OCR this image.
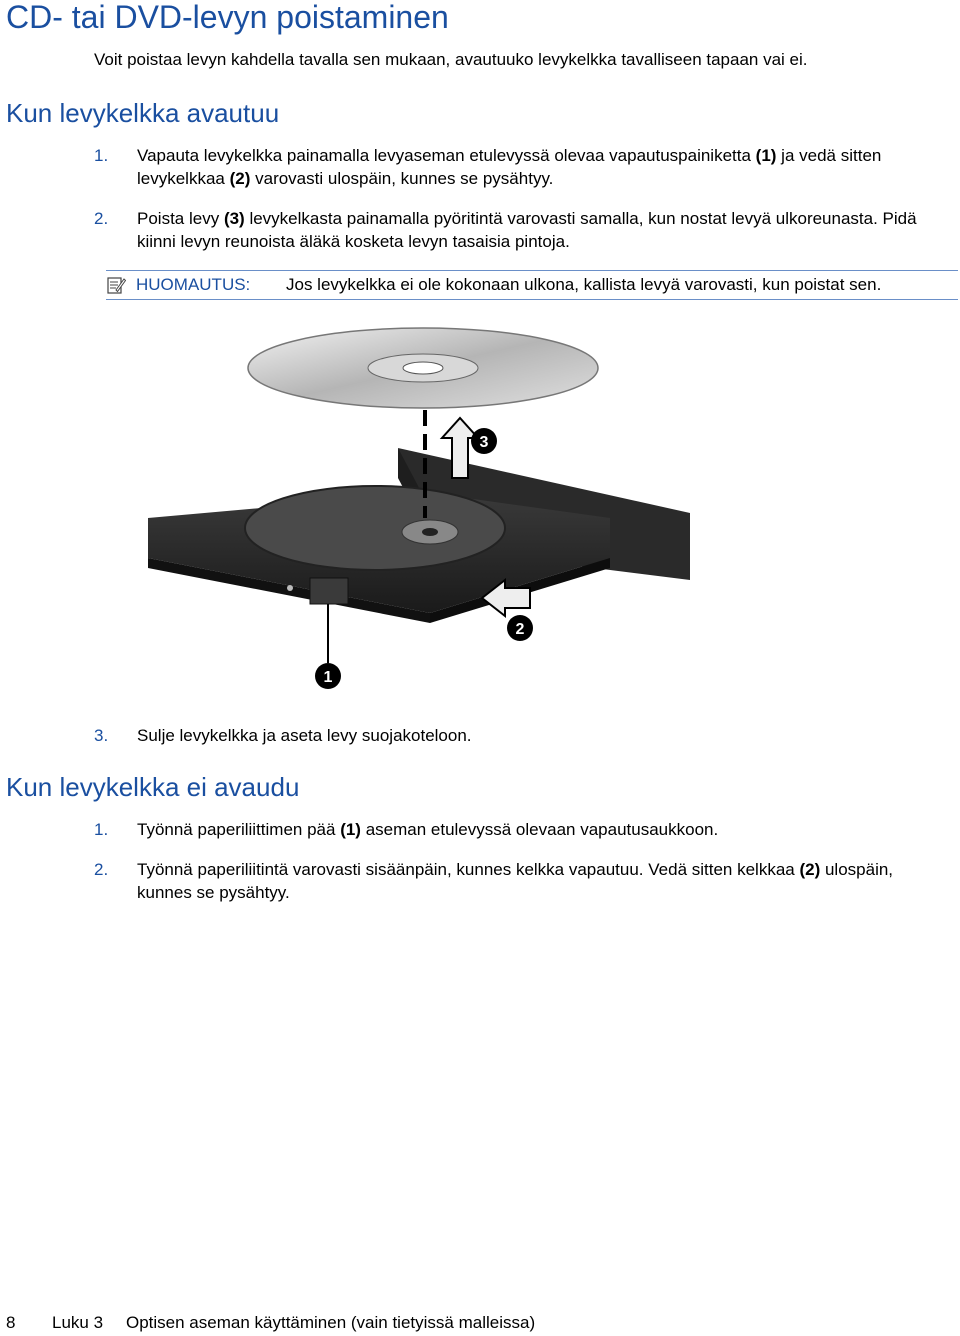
CD- tai DVD-levyn poistaminen

Voit poistaa levyn kahdella tavalla sen mukaan, avautuuko levykelkka tavalliseen tapaan vai ei.

Kun levykelkka avautuu
1. Vapauta levykelkka painamalla levyaseman etulevyssä olevaa vapautuspainiketta (1) ja vedä sitten levykelkkaa (2) varovasti ulospäin, kunnes se pysähtyy.
2. Poista levy (3) levykelkasta painamalla pyöritintä varovasti samalla, kun nostat levyä ulkoreunasta. Pidä kiinni levyn reunoista äläkä kosketa levyn tasaisia pintoja.
HUOMAUTUS: Jos levykelkka ei ole kokonaan ulkona, kallista levyä varovasti, kun poistat sen.
3
2
1
3. Sulje levykelkka ja aseta levy suojakoteloon.
Kun levykelkka ei avaudu
1. Työnnä paperiliittimen pää (1) aseman etulevyssä olevaan vapautusaukkoon.
2. Työnnä paperiliitintä varovasti sisäänpäin, kunnes kelkka vapautuu. Vedä sitten kelkkaa (2) ulospäin, kunnes se pysähtyy.
8 Luku 3 Optisen aseman käyttäminen (vain tietyissä malleissa)
